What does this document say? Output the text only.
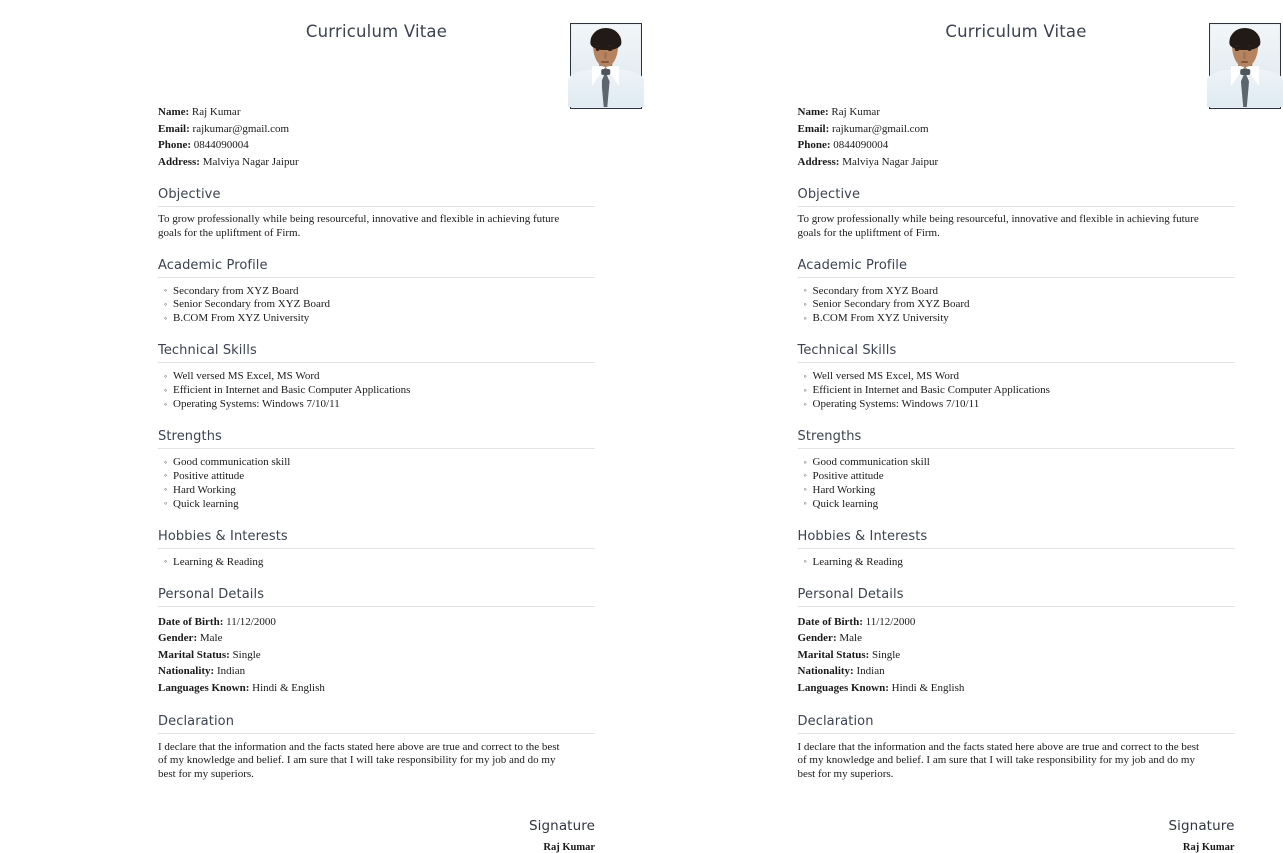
Curriculum Vitae
Name: Raj Kumar
Email: rajkumar@gmail.com
Phone: 0844090004
Address: Malviya Nagar Jaipur
Objective
To grow professionally while being resourceful, innovative and flexible in achieving future goals for the upliftment of Firm.
Academic Profile
◦ Secondary from XYZ Board
◦ Senior Secondary from XYZ Board
◦ B.COM From XYZ University
Technical Skills
◦ Well versed MS Excel, MS Word
◦ Efficient in Internet and Basic Computer Applications
◦ Operating Systems: Windows 7/10/11
Strengths
◦ Good communication skill
◦ Positive attitude
◦ Hard Working
◦ Quick learning
Hobbies & Interests
◦ Learning & Reading
Personal Details
Date of Birth: 11/12/2000
Gender: Male
Marital Status: Single
Nationality: Indian
Languages Known: Hindi & English
Declaration
I declare that the information and the facts stated here above are true and correct to the best of my knowledge and belief. I am sure that I will take responsibility for my job and do my best for my superiors.
Signature
Raj Kumar
Curriculum Vitae
Name: Raj Kumar
Email: rajkumar@gmail.com
Phone: 0844090004
Address: Malviya Nagar Jaipur
Objective
To grow professionally while being resourceful, innovative and flexible in achieving future goals for the upliftment of Firm.
Academic Profile
◦ Secondary from XYZ Board
◦ Senior Secondary from XYZ Board
◦ B.COM From XYZ University
Technical Skills
◦ Well versed MS Excel, MS Word
◦ Efficient in Internet and Basic Computer Applications
◦ Operating Systems: Windows 7/10/11
Strengths
◦ Good communication skill
◦ Positive attitude
◦ Hard Working
◦ Quick learning
Hobbies & Interests
◦ Learning & Reading
Personal Details
Date of Birth: 11/12/2000
Gender: Male
Marital Status: Single
Nationality: Indian
Languages Known: Hindi & English
Declaration
I declare that the information and the facts stated here above are true and correct to the best of my knowledge and belief. I am sure that I will take responsibility for my job and do my best for my superiors.
Signature
Raj Kumar
